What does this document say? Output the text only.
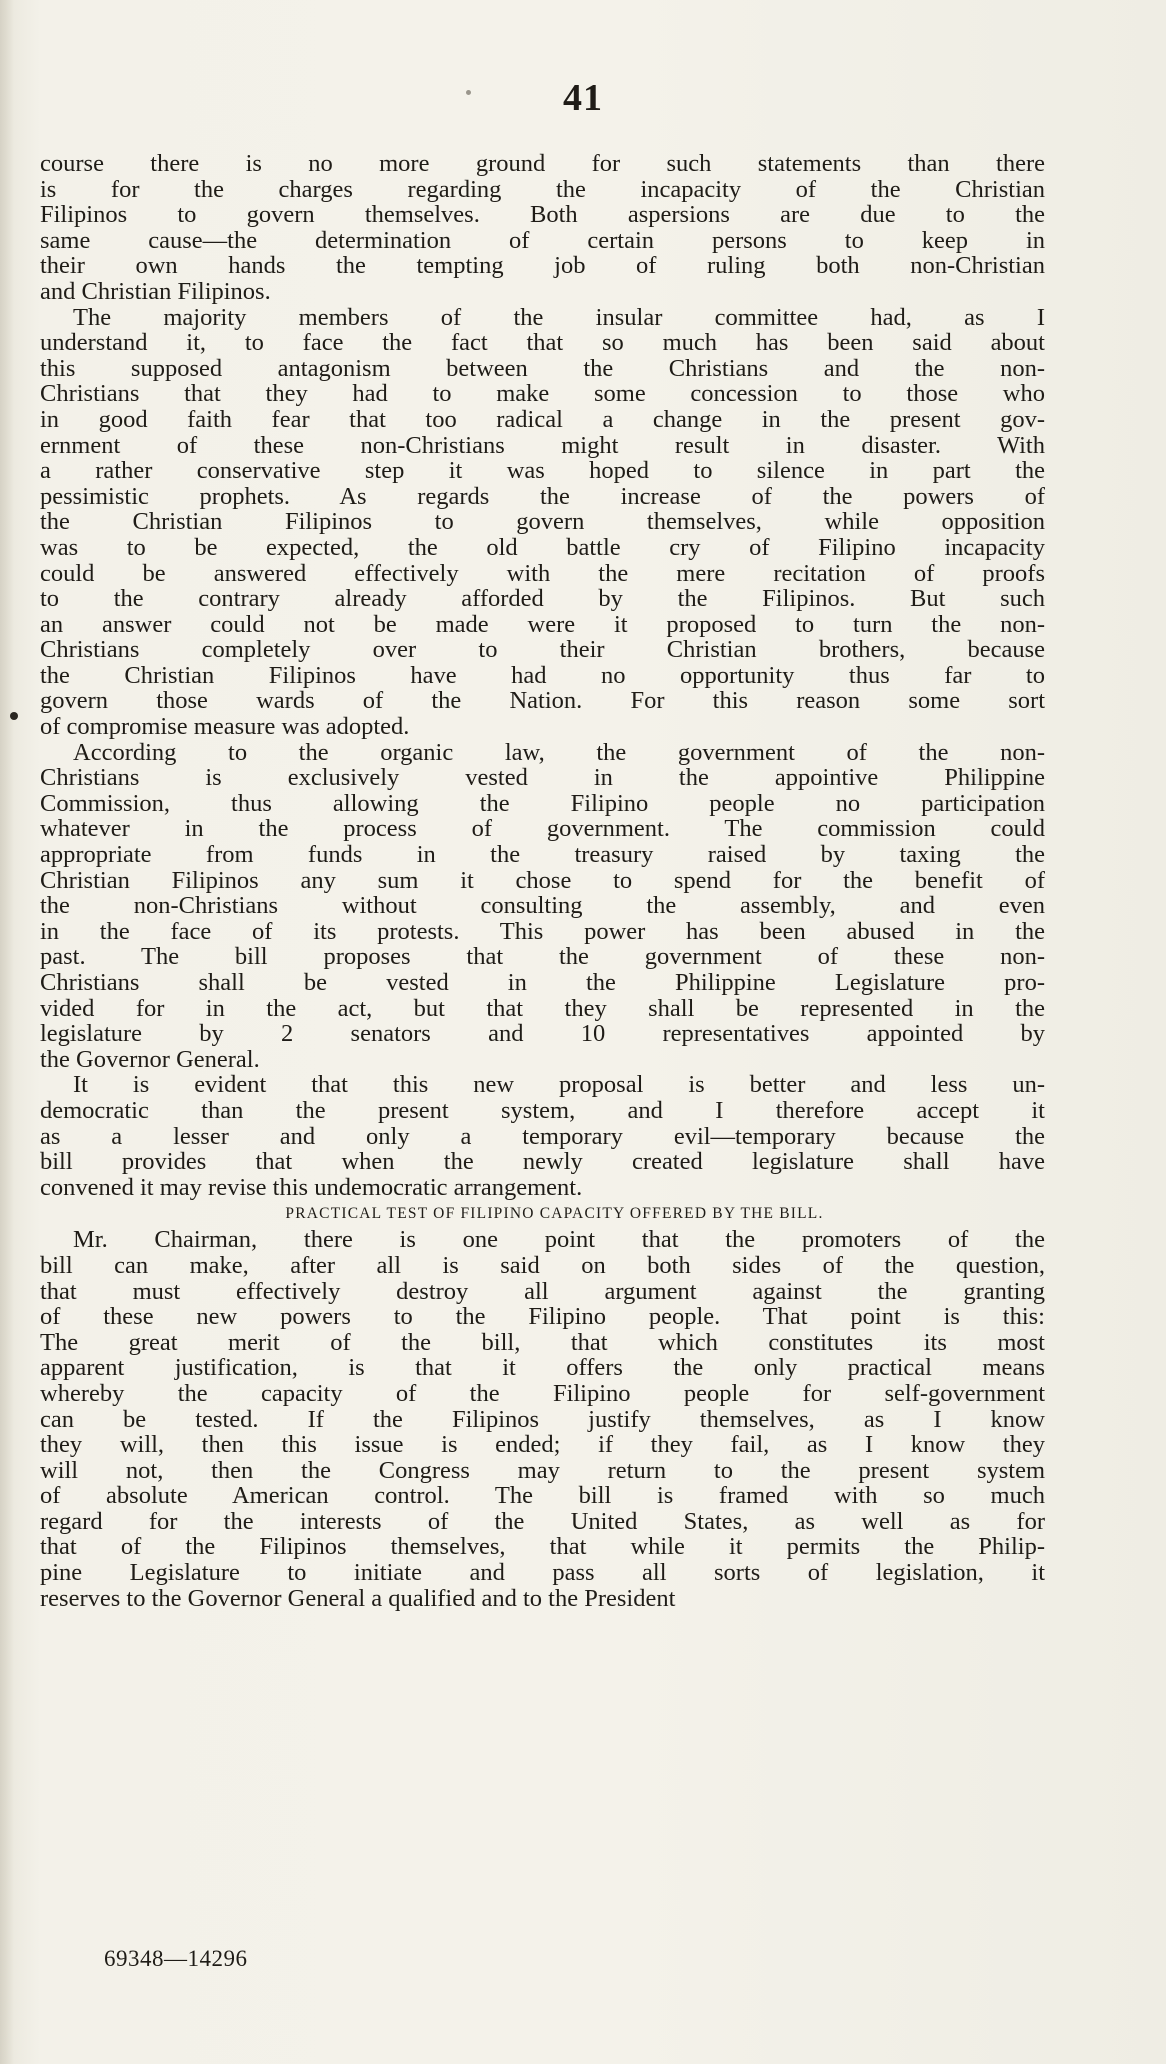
41
course there is no more ground for such statements than there
is for the charges regarding the incapacity of the Christian
Filipinos to govern themselves. Both aspersions are due to the
same cause—the determination of certain persons to keep in
their own hands the tempting job of ruling both non-Christian
and Christian Filipinos.
The majority members of the insular committee had, as I
understand it, to face the fact that so much has been said about
this supposed antagonism between the Christians and the non-
Christians that they had to make some concession to those who
in good faith fear that too radical a change in the present gov-
ernment of these non-Christians might result in disaster. With
a rather conservative step it was hoped to silence in part the
pessimistic prophets. As regards the increase of the powers of
the Christian Filipinos to govern themselves, while opposition
was to be expected, the old battle cry of Filipino incapacity
could be answered effectively with the mere recitation of proofs
to the contrary already afforded by the Filipinos. But such
an answer could not be made were it proposed to turn the non-
Christians completely over to their Christian brothers, because
the Christian Filipinos have had no opportunity thus far to
govern those wards of the Nation. For this reason some sort
of compromise measure was adopted.
According to the organic law, the government of the non-
Christians is exclusively vested in the appointive Philippine
Commission, thus allowing the Filipino people no participation
whatever in the process of government. The commission could
appropriate from funds in the treasury raised by taxing the
Christian Filipinos any sum it chose to spend for the benefit of
the non-Christians without consulting the assembly, and even
in the face of its protests. This power has been abused in the
past. The bill proposes that the government of these non-
Christians shall be vested in the Philippine Legislature pro-
vided for in the act, but that they shall be represented in the
legislature by 2 senators and 10 representatives appointed by
the Governor General.
It is evident that this new proposal is better and less un-
democratic than the present system, and I therefore accept it
as a lesser and only a temporary evil—temporary because the
bill provides that when the newly created legislature shall have
convened it may revise this undemocratic arrangement.
PRACTICAL TEST OF FILIPINO CAPACITY OFFERED BY THE BILL.
Mr. Chairman, there is one point that the promoters of the
bill can make, after all is said on both sides of the question,
that must effectively destroy all argument against the granting
of these new powers to the Filipino people. That point is this:
The great merit of the bill, that which constitutes its most
apparent justification, is that it offers the only practical means
whereby the capacity of the Filipino people for self-government
can be tested. If the Filipinos justify themselves, as I know
they will, then this issue is ended; if they fail, as I know they
will not, then the Congress may return to the present system
of absolute American control. The bill is framed with so much
regard for the interests of the United States, as well as for
that of the Filipinos themselves, that while it permits the Philip-
pine Legislature to initiate and pass all sorts of legislation, it
reserves to the Governor General a qualified and to the President
69348—14296
